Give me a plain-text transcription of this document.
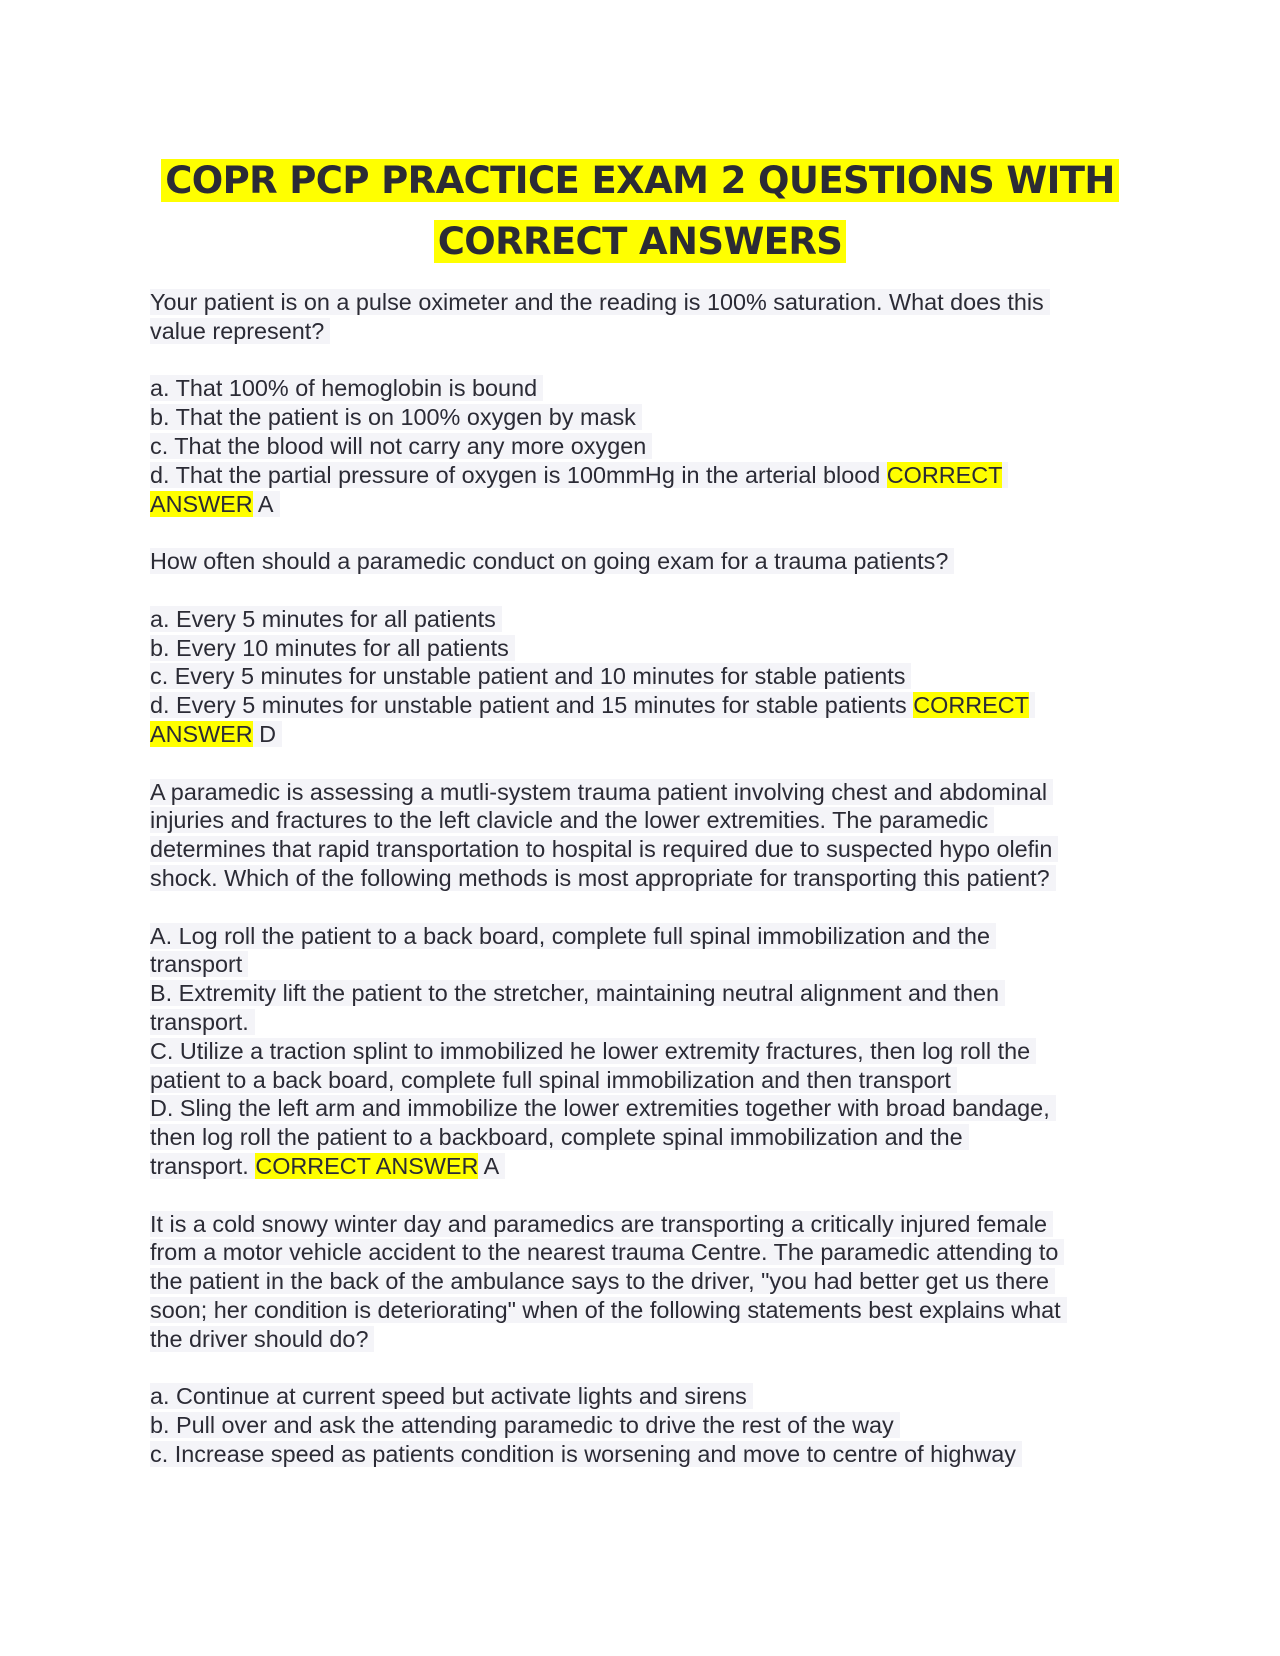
COPR PCP PRACTICE EXAM 2 QUESTIONS WITH
CORRECT ANSWERS
Your patient is on a pulse oximeter and the reading is 100% saturation. What does this
value represent?
a. That 100% of hemoglobin is bound
b. That the patient is on 100% oxygen by mask
c. That the blood will not carry any more oxygen
d. That the partial pressure of oxygen is 100mmHg in the arterial blood CORRECT
ANSWER A
How often should a paramedic conduct on going exam for a trauma patients?
a. Every 5 minutes for all patients
b. Every 10 minutes for all patients
c. Every 5 minutes for unstable patient and 10 minutes for stable patients
d. Every 5 minutes for unstable patient and 15 minutes for stable patients CORRECT
ANSWER D
A paramedic is assessing a mutli-system trauma patient involving chest and abdominal
injuries and fractures to the left clavicle and the lower extremities. The paramedic
determines that rapid transportation to hospital is required due to suspected hypo olefin
shock. Which of the following methods is most appropriate for transporting this patient?
A. Log roll the patient to a back board, complete full spinal immobilization and the
transport
B. Extremity lift the patient to the stretcher, maintaining neutral alignment and then
transport.
C. Utilize a traction splint to immobilized he lower extremity fractures, then log roll the
patient to a back board, complete full spinal immobilization and then transport
D. Sling the left arm and immobilize the lower extremities together with broad bandage,
then log roll the patient to a backboard, complete spinal immobilization and the
transport. CORRECT ANSWER A
It is a cold snowy winter day and paramedics are transporting a critically injured female
from a motor vehicle accident to the nearest trauma Centre. The paramedic attending to
the patient in the back of the ambulance says to the driver, "you had better get us there
soon; her condition is deteriorating" when of the following statements best explains what
the driver should do?
a. Continue at current speed but activate lights and sirens
b. Pull over and ask the attending paramedic to drive the rest of the way
c. Increase speed as patients condition is worsening and move to centre of highway
